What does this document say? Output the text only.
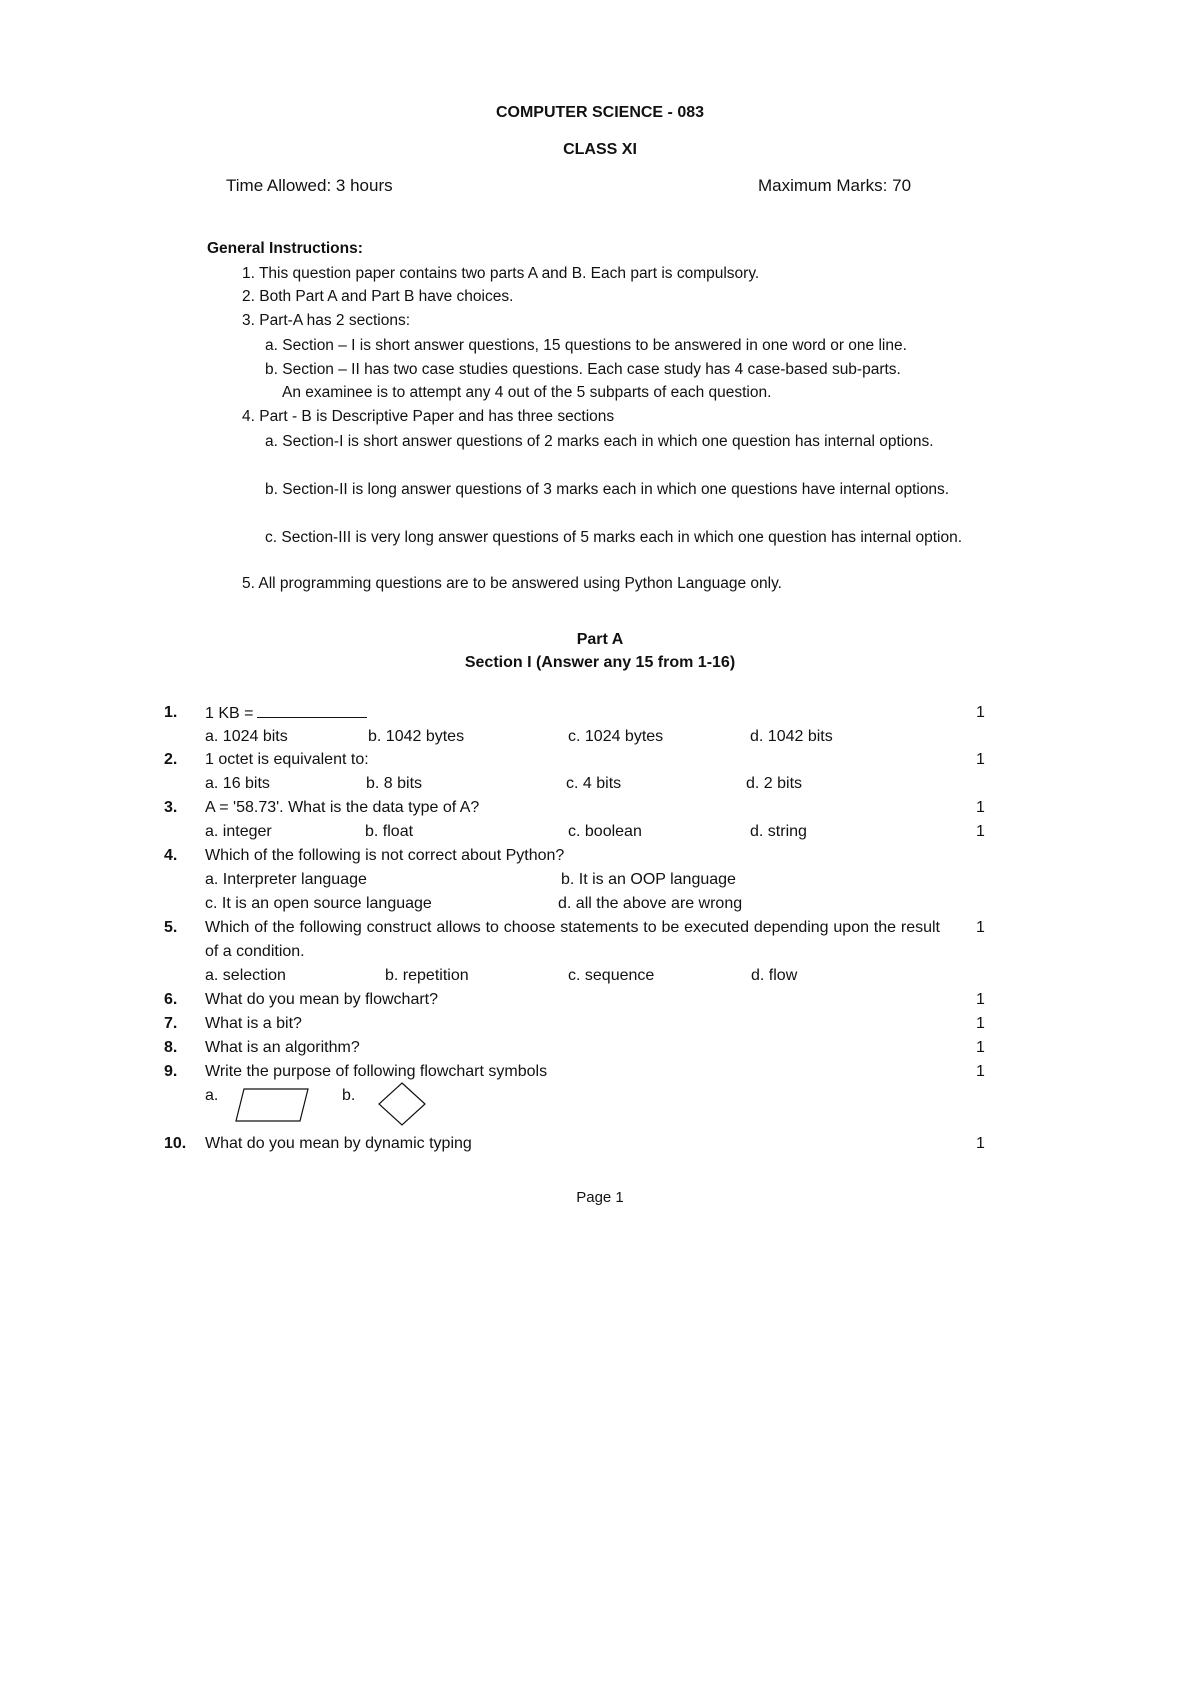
COMPUTER SCIENCE - 083
CLASS XI
Time Allowed: 3 hours	Maximum Marks: 70
General Instructions:
1. This question paper contains two parts A and B. Each part is compulsory.
2. Both Part A and Part B have choices.
3. Part-A has 2 sections:
a. Section – I is short answer questions, 15 questions to be answered in one word or one line.
b. Section – II has two case studies questions. Each case study has 4 case-based sub-parts.
An examinee is to attempt any 4 out of the 5 subparts of each question.
4. Part - B is Descriptive Paper and has three sections
a. Section-I is short answer questions of 2 marks each in which one question has internal options.
b. Section-II is long answer questions of 3 marks each in which one questions have internal options.
c. Section-III is very long answer questions of 5 marks each in which one question has internal option.
5. All programming questions are to be answered using Python Language only.
Part A
Section I (Answer any 15 from 1-16)
1. 1 KB =	1
a. 1024 bits	b. 1042 bytes	c. 1024 bytes	d. 1042 bits
2. 1 octet is equivalent to:	1
a. 16 bits	b. 8 bits	c. 4 bits	d. 2 bits
3. A = '58.73'. What is the data type of A?	1
a. integer	b. float	c. boolean	d. string	1
4. Which of the following is not correct about Python?
a. Interpreter language	b. It is an OOP language
c. It is an open source language	d. all the above are wrong
5. Which of the following construct allows to choose statements to be executed depending upon the result of a condition.
1
a. selection	b. repetition	c. sequence	d. flow
6. What do you mean by flowchart?	1
7. What is a bit?	1
8. What is an algorithm?	1
9. Write the purpose of following flowchart symbols	1
a.	b.
10. What do you mean by dynamic typing	1
Page 1
